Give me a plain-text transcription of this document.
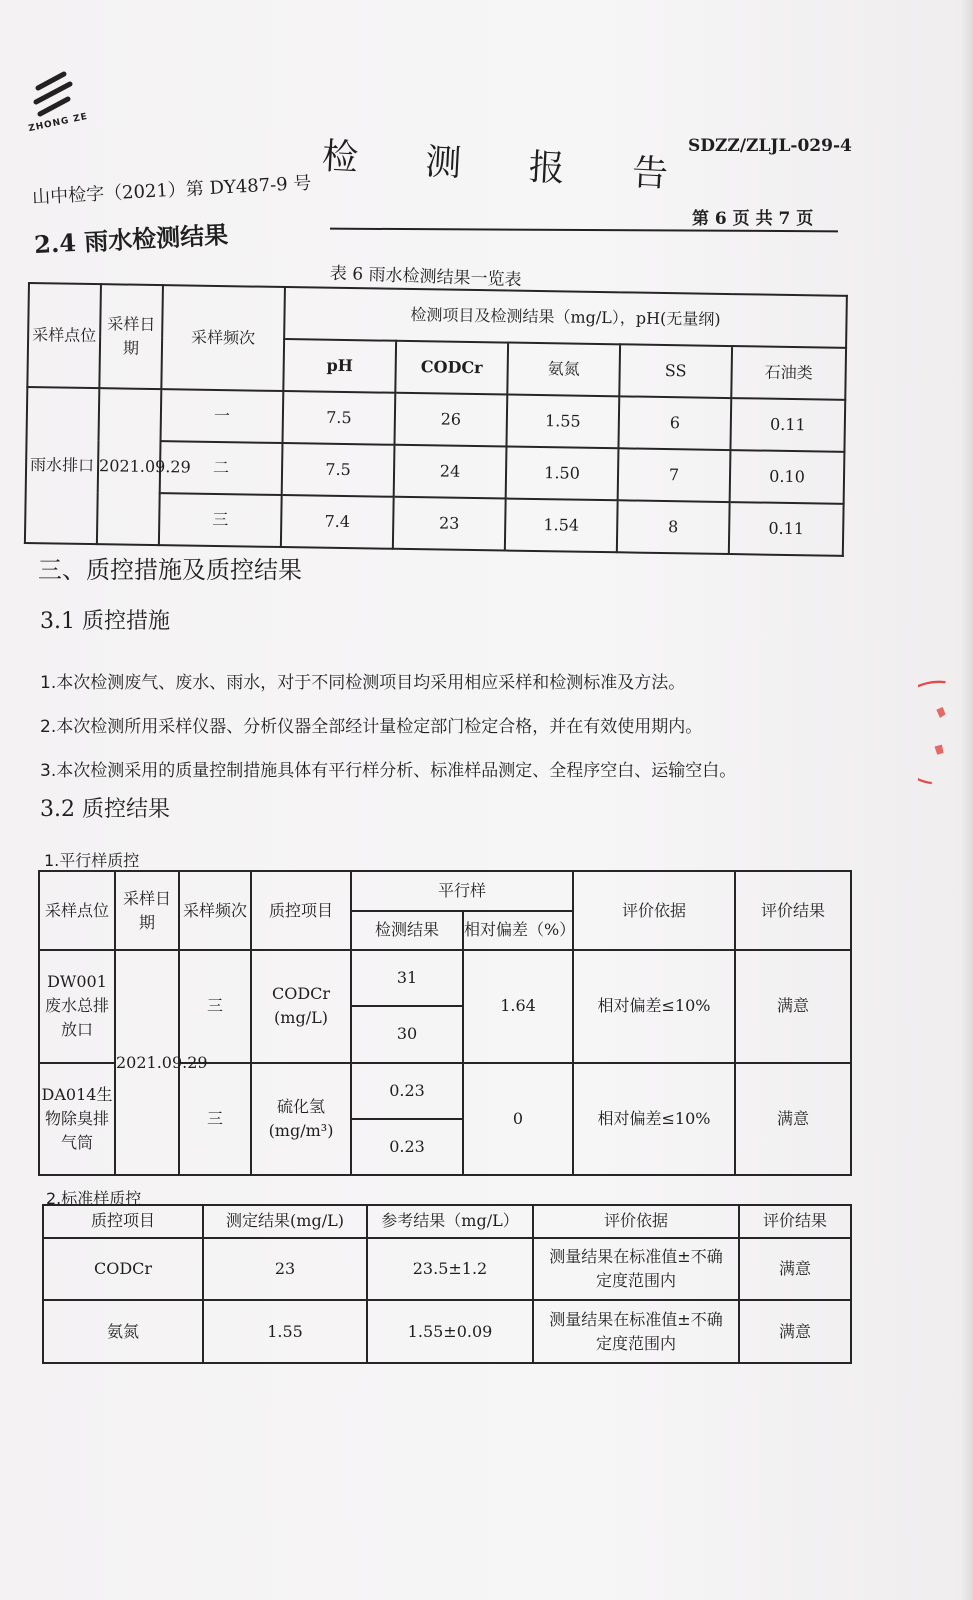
ZHONG ZE
检 测 报 告
SDZZ/ZLJL-029-4
山中检字（2021）第 DY487-9 号
第 6 页 共 7 页
2.4 雨水检测结果
表 6 雨水检测结果一览表
采样点位	采样日期	采样频次	检测项目及检测结果（mg/L），pH(无量纲)				
			pH	CODCr	氨氮	SS	石油类
雨水排口	2021.09.29	一	7.5	26	1.55	6	0.11
		二	7.5	24	1.50	7	0.10
		三	7.4	23	1.54	8	0.11
三、质控措施及质控结果
3.1 质控措施
1.本次检测废气、废水、雨水，对于不同检测项目均采用相应采样和检测标准及方法。
2.本次检测所用采样仪器、分析仪器全部经计量检定部门检定合格，并在有效使用期内。
3.本次检测采用的质量控制措施具体有平行样分析、标准样品测定、全程序空白、运输空白。
3.2 质控结果
1.平行样质控
采样点位	采样日期	采样频次	质控项目	平行样		评价依据	评价结果
				检测结果	相对偏差（%）		
DW001废水总排放口	2021.09.29	三	CODCr
(mg/L)	31	1.64	相对偏差≤10%	满意
				30			
DA014生物除臭排气筒		三	硫化氢
(mg/m³)	0.23	0	相对偏差≤10%	满意
				0.23			
2.标准样质控
质控项目	测定结果(mg/L)	参考结果（mg/L）	评价依据	评价结果
CODCr	23	23.5±1.2	测量结果在标准值±不确定度范围内	满意
氨氮	1.55	1.55±0.09	测量结果在标准值±不确定度范围内	满意
